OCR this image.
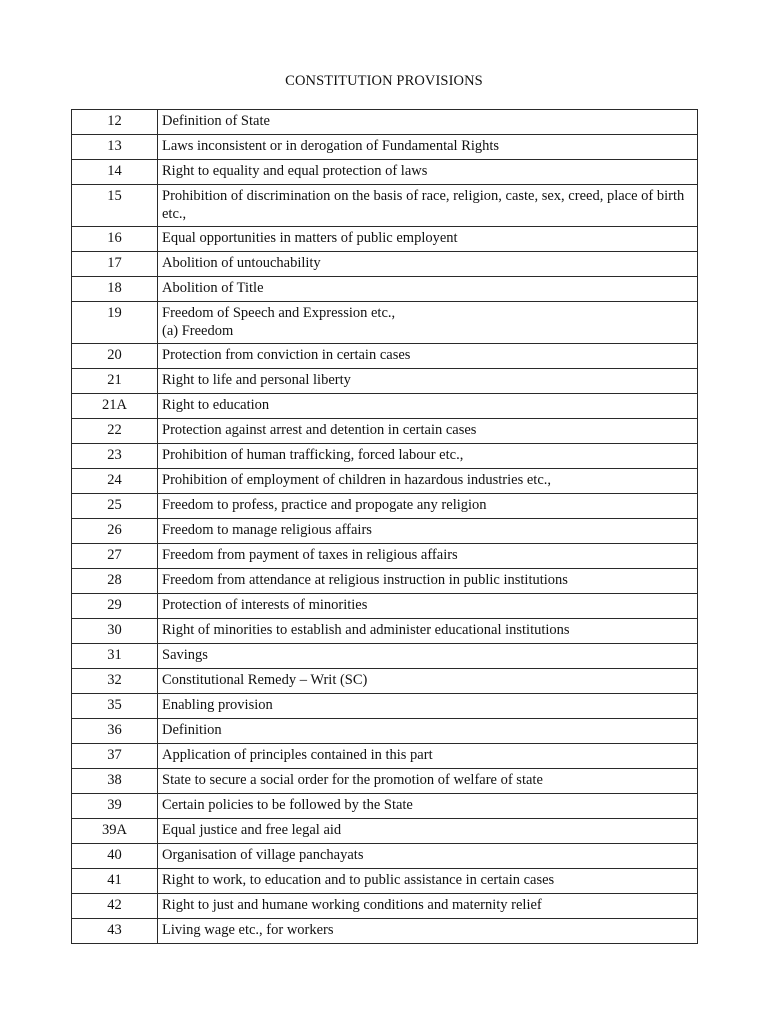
CONSTITUTION PROVISIONS
12	Definition of State
13	Laws inconsistent or in derogation of Fundamental Rights
14	Right to equality and equal protection of laws
15	Prohibition of discrimination on the basis of race, religion, caste, sex, creed, place of birth etc.,
16	Equal opportunities in matters of public employent
17	Abolition of untouchability
18	Abolition of Title
19	Freedom of Speech and Expression etc.,
(a) Freedom
20	Protection from conviction in certain cases
21	Right to life and personal liberty
21A	Right to education
22	Protection against arrest and detention in certain cases
23	Prohibition of human trafficking, forced labour etc.,
24	Prohibition of employment of children in hazardous industries etc.,
25	Freedom to profess, practice and propogate any religion
26	Freedom to manage religious affairs
27	Freedom from payment of taxes in religious affairs
28	Freedom from attendance at religious instruction in public institutions
29	Protection of interests of minorities
30	Right of minorities to establish and administer educational institutions
31	Savings
32	Constitutional Remedy – Writ (SC)
35	Enabling provision
36	Definition
37	Application of principles contained in this part
38	State to secure a social order for the promotion of welfare of state
39	Certain policies to be followed by the State
39A	Equal justice and free legal aid
40	Organisation of village panchayats
41	Right to work, to education and to public assistance in certain cases
42	Right to just and humane working conditions and maternity relief
43	Living wage etc., for workers
